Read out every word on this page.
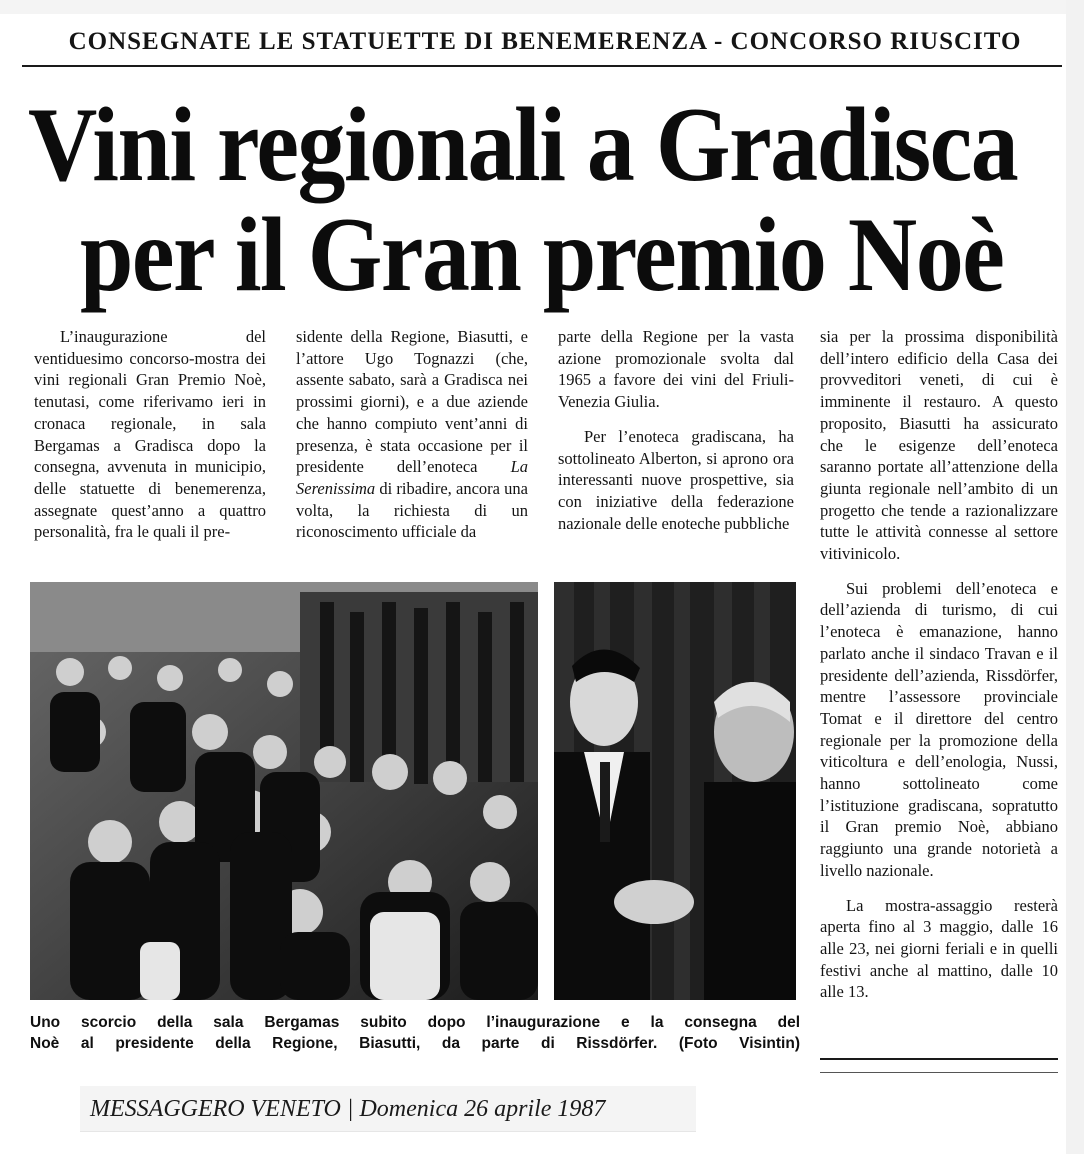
CONSEGNATE LE STATUETTE DI BENEMERENZA - CONCORSO RIUSCITO
Vini regionali a Gradisca
per il Gran premio Noè

L’inaugurazione del ventiduesimo concorso-mostra dei vini regionali Gran Premio Noè, tenutasi, come riferivamo ieri in cronaca regionale, in sala Bergamas a Gradisca dopo la consegna, avvenuta in municipio, delle statuette di benemerenza, assegnate quest’anno a quattro personalità, fra le quali il pre-

sidente della Regione, Biasutti, e l’attore Ugo Tognazzi (che, assente sabato, sarà a Gradisca nei prossimi giorni), e a due aziende che hanno compiuto vent’anni di presenza, è stata occasione per il presidente dell’enoteca La Serenissima di ribadire, ancora una volta, la richiesta di un riconoscimento ufficiale da

parte della Regione per la vasta azione promozionale svolta dal 1965 a favore dei vini del Friuli-Venezia Giulia.

Per l’enoteca gradiscana, ha sottolineato Alberton, si aprono ora interessanti nuove prospettive, sia con iniziative della federazione nazionale delle enoteche pubbliche

sia per la prossima disponibilità dell’intero edificio della Casa dei provveditori veneti, di cui è imminente il restauro. A questo proposito, Biasutti ha assicurato che le esigenze dell’enoteca saranno portate all’attenzione della giunta regionale nell’ambito di un progetto che tende a razionalizzare tutte le attività connesse al settore vitivinicolo.

Sui problemi dell’enoteca e dell’azienda di turismo, di cui l’enoteca è emanazione, hanno parlato anche il sindaco Travan e il presidente dell’azienda, Rissdörfer, mentre l’assessore provinciale Tomat e il direttore del centro regionale per la promozione della viticoltura e dell’enologia, Nussi, hanno sottolineato come l’istituzione gradiscana, sopratutto il Gran premio Noè, abbiano raggiunto una grande notorietà a livello nazionale.

La mostra-assaggio resterà aperta fino al 3 maggio, dalle 16 alle 23, nei giorni feriali e in quelli festivi anche al mattino, dalle 10 alle 13.

Uno scorcio della sala Bergamas subito dopo l’inaugurazione e la consegna del
Noè al presidente della Regione, Biasutti, da parte di Rissdörfer. (Foto Visintin)
MESSAGGERO VENETO | Domenica 26 aprile 1987
